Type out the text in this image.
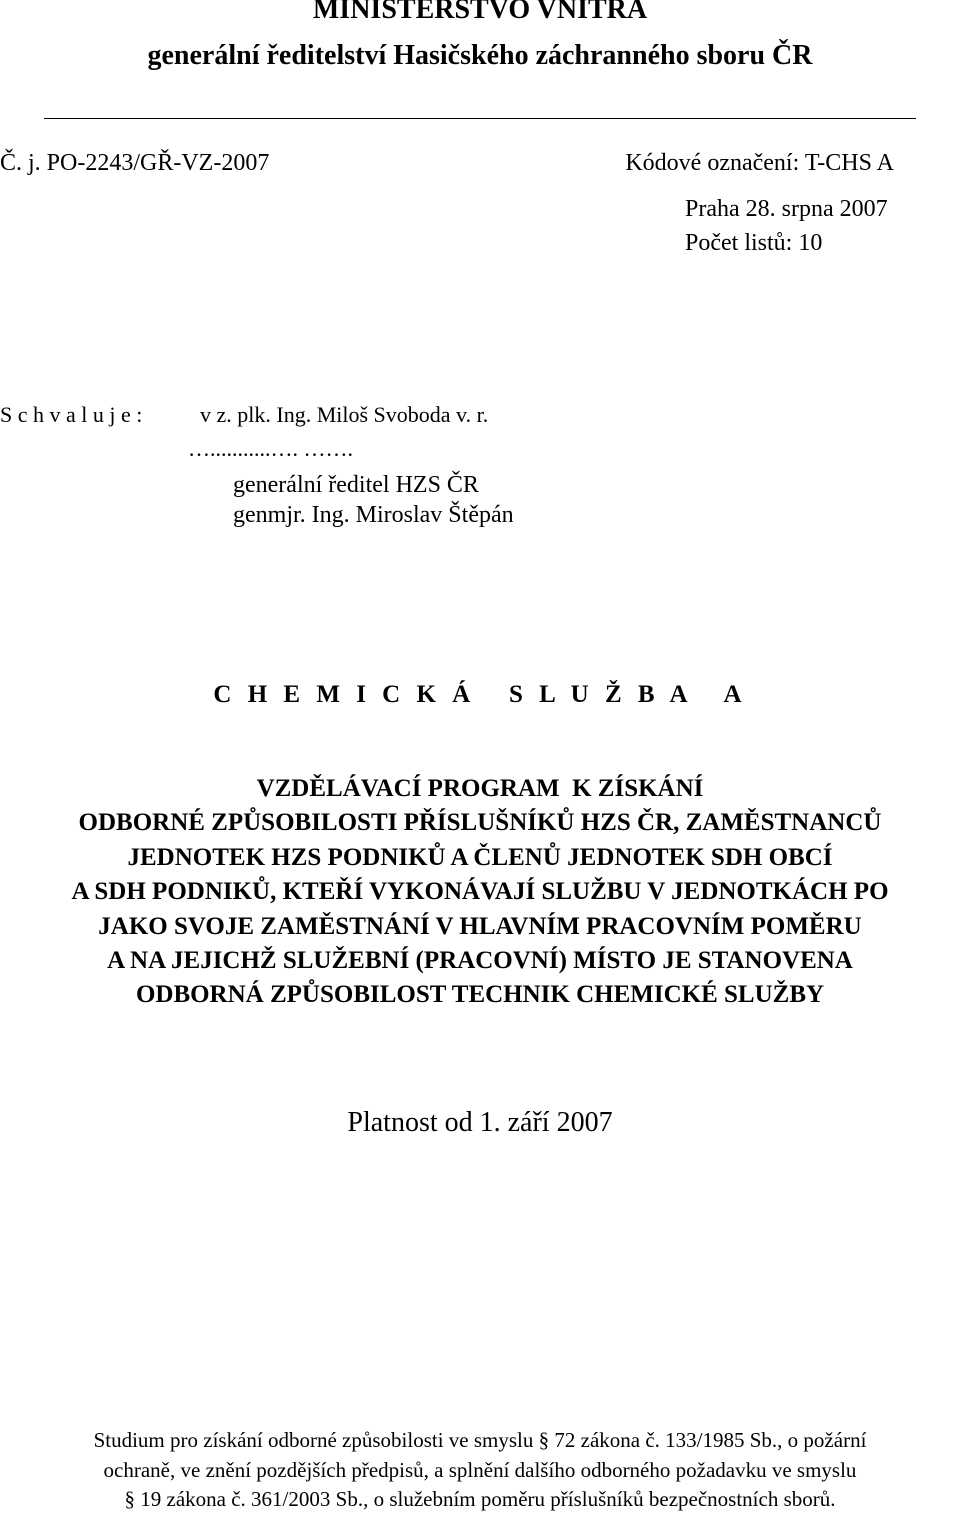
MINISTERSTVO VNITRA
generální ředitelství Hasičského záchranného sboru ČR
Č. j. PO-2243/GŘ-VZ-2007	Kódové označení: T-CHS A
Praha 28. srpna 2007
Počet listů: 10
S c h v a l u j e :	v z. plk. Ing. Miloš Svoboda v. r.
…...........…. …….
generální ředitel HZS ČR
genmjr. Ing. Miroslav Štěpán
C H E M I C K Á   S L U Ž B A   A
VZDĚLÁVACÍ PROGRAM  K ZÍSKÁNÍ
ODBORNÉ ZPŮSOBILOSTI PŘÍSLUŠNÍKŮ HZS ČR, ZAMĚSTNANCŮ
JEDNOTEK HZS PODNIKŮ A ČLENŮ JEDNOTEK SDH OBCÍ
A SDH PODNIKŮ, KTEŘÍ VYKONÁVAJÍ SLUŽBU V JEDNOTKÁCH PO
JAKO SVOJE ZAMĚSTNÁNÍ V HLAVNÍM PRACOVNÍM POMĚRU
A NA JEJICHŽ SLUŽEBNÍ (PRACOVNÍ) MÍSTO JE STANOVENA
ODBORNÁ ZPŮSOBILOST TECHNIK CHEMICKÉ SLUŽBY
Platnost od 1. září 2007
Studium pro získání odborné způsobilosti ve smyslu § 72 zákona č. 133/1985 Sb., o požární
ochraně, ve znění pozdějších předpisů, a splnění dalšího odborného požadavku ve smyslu
§ 19 zákona č. 361/2003 Sb., o služebním poměru příslušníků bezpečnostních sborů.
